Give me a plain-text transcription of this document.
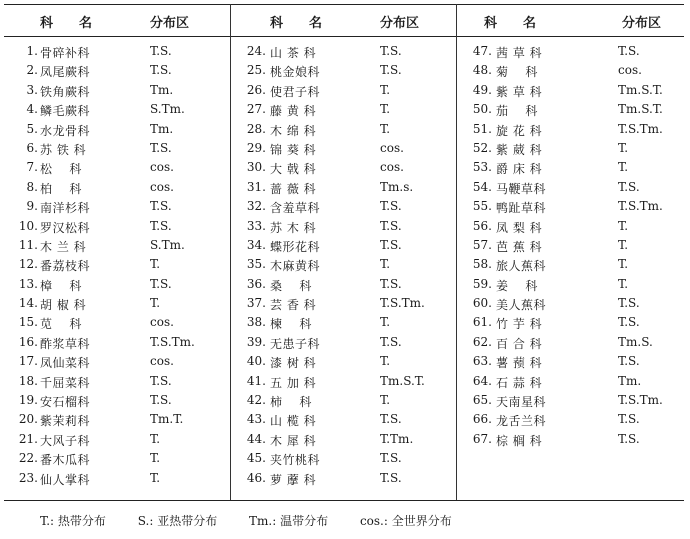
科　　名	分布区
1. 骨碎补科	T.S.
2. 凤尾蕨科	T.S.
3. 铁角蕨科	Tm.
4. 鳞毛蕨科	S.Tm.
5. 水龙骨科	Tm.
6. 苏 铁 科	T.S.
7. 松　 科	cos.
8. 柏　 科	cos.
9. 南洋杉科	T.S.
10. 罗汉松科	T.S.
11. 木 兰 科	S.Tm.
12. 番荔枝科	T.
13. 樟　 科	T.S.
14. 胡 椒 科	T.
15. 苋　 科	cos.
16. 酢浆草科	T.S.Tm.
17. 凤仙菜科	cos.
18. 千屈菜科	T.S.
19. 安石榴科	T.S.
20. 紫茉莉科	Tm.T.
21. 大风子科	T.
22. 番木瓜科	T.
23. 仙人掌科	T.
科　　名	分布区
24. 山 茶 科	T.S.
25. 桃金娘科	T.S.
26. 使君子科	T.
27. 藤 黄 科	T.
28. 木 绵 科	T.
29. 锦 葵 科	cos.
30. 大 戟 科	cos.
31. 蔷 薇 科	Tm.s.
32. 含羞草科	T.S.
33. 苏 木 科	T.S.
34. 蝶形花科	T.S.
35. 木麻黄科	T.
36. 桑　 科	T.S.
37. 芸 香 科	T.S.Tm.
38. 楝　 科	T.
39. 无患子科	T.S.
40. 漆 树 科	T.
41. 五 加 科	Tm.S.T.
42. 柿　 科	T.
43. 山 榄 科	T.S.
44. 木 犀 科	T.Tm.
45. 夹竹桃科	T.S.
46. 萝 藦 科	T.S.
科　　名	分布区
47. 茜 草 科	T.S.
48. 菊　 科	cos.
49. 紫 草 科	Tm.S.T.
50. 茄　 科	Tm.S.T.
51. 旋 花 科	T.S.Tm.
52. 紫 葳 科	T.
53. 爵 床 科	T.
54. 马鞭草科	T.S.
55. 鸭趾草科	T.S.Tm.
56. 凤 梨 科	T.
57. 芭 蕉 科	T.
58. 旅人蕉科	T.
59. 姜　 科	T.
60. 美人蕉科	T.S.
61. 竹 芋 科	T.S.
62. 百 合 科	Tm.S.
63. 薯 蓣 科	T.S.
64. 石 蒜 科	Tm.
65. 天南星科	T.S.Tm.
66. 龙舌兰科	T.S.
67. 棕 榈 科	T.S.
T.: 热带分布	S.: 亚热带分布	Tm.: 温带分布	cos.: 全世界分布
